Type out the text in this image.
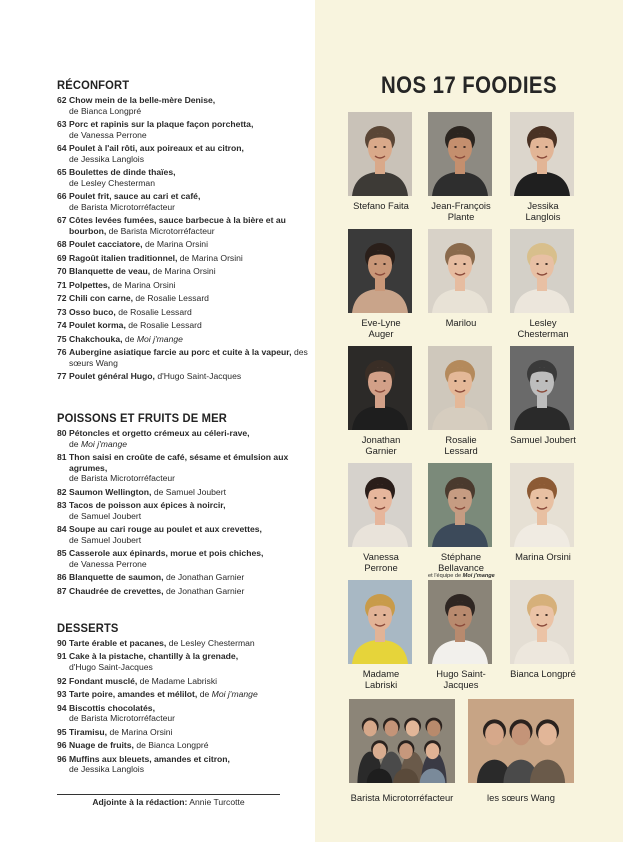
RÉCONFORT
62 Chow mein de la belle-mère Denise,
de Bianca Longpré
63 Porc et rapinis sur la plaque façon porchetta,
de Vanessa Perrone
64 Poulet à l'ail rôti, aux poireaux et au citron,
de Jessika Langlois
65 Boulettes de dinde thaïes,
de Lesley Chesterman
66 Poulet frit, sauce au cari et café,
de Barista Microtorréfacteur
67 Côtes levées fumées, sauce barbecue à la bière et au bourbon, de Barista Microtorréfacteur
68 Poulet cacciatore, de Marina Orsini
69 Ragoût italien traditionnel, de Marina Orsini
70 Blanquette de veau, de Marina Orsini
71 Polpettes, de Marina Orsini
72 Chili con carne, de Rosalie Lessard
73 Osso buco, de Rosalie Lessard
74 Poulet korma, de Rosalie Lessard
75 Chakchouka, de Moi j'mange
76 Aubergine asiatique farcie au porc et cuite à la vapeur, des sœurs Wang
77 Poulet général Hugo, d'Hugo Saint-Jacques
POISSONS ET FRUITS DE MER
80 Pétoncles et orgetto crémeux au céleri-rave,
de Moi j'mange
81 Thon saisi en croûte de café, sésame et émulsion aux agrumes,
de Barista Microtorréfacteur
82 Saumon Wellington, de Samuel Joubert
83 Tacos de poisson aux épices à noircir,
de Samuel Joubert
84 Soupe au cari rouge au poulet et aux crevettes,
de Samuel Joubert
85 Casserole aux épinards, morue et pois chiches,
de Vanessa Perrone
86 Blanquette de saumon, de Jonathan Garnier
87 Chaudrée de crevettes, de Jonathan Garnier
DESSERTS
90 Tarte érable et pacanes, de Lesley Chesterman
91 Cake à la pistache, chantilly à la grenade,
d'Hugo Saint-Jacques
92 Fondant musclé, de Madame Labriski
93 Tarte poire, amandes et mélilot, de Moi j'mange
94 Biscottis chocolatés,
de Barista Microtorréfacteur
95 Tiramisu, de Marina Orsini
96 Nuage de fruits, de Bianca Longpré
96 Muffins aux bleuets, amandes et citron,
de Jessika Langlois
Adjointe à la rédaction: Annie Turcotte
NOS 17 FOODIES
Stefano Faita	Jean-François Plante
Jessika Langlois
Eve-Lyne Auger
Marilou	Lesley Chesterman
Jonathan Garnier
Rosalie Lessard
Samuel Joubert
Vanessa Perrone
Stéphane Bellavance
et l'équipe de Moi j'mange
Marina Orsini
Madame Labriski
Hugo Saint-Jacques
Bianca Longpré
Barista Microtorréfacteur	les sœurs Wang
